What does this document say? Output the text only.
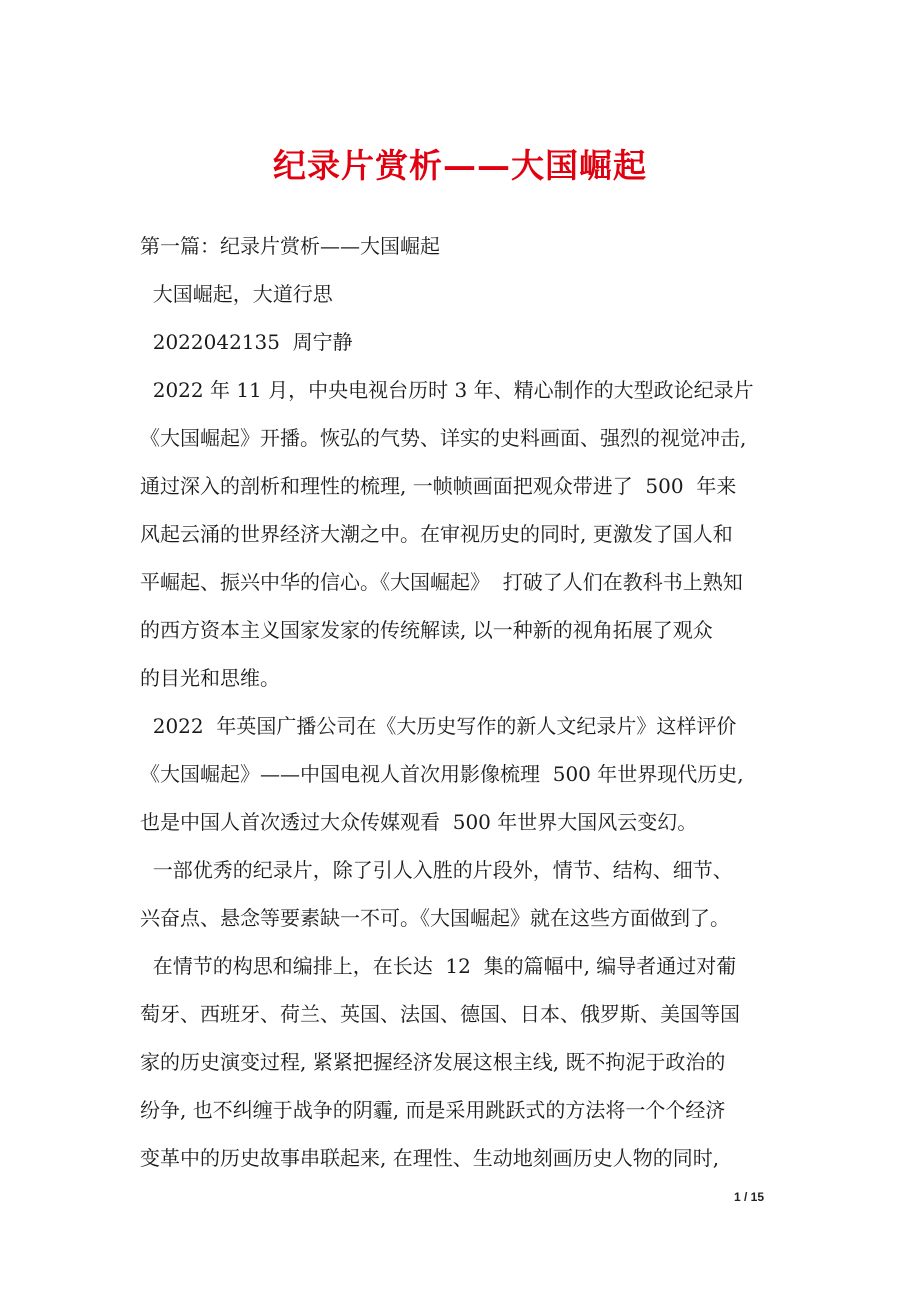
纪录片赏析——大国崛起
第一篇：纪录片赏析——大国崛起
大国崛起，大道行思
2022042135  周宁静
2022 年 11 月，中央电视台历时 3 年、精心制作的大型政论纪录片
《大国崛起》开播。恢弘的气势、详实的史料画面、强烈的视觉冲击,
通过深入的剖析和理性的梳理, 一帧帧画面把观众带进了  500  年来
风起云涌的世界经济大潮之中。在审视历史的同时, 更激发了国人和
平崛起、振兴中华的信心。《大国崛起》  打破了人们在教科书上熟知
的西方资本主义国家发家的传统解读, 以一种新的视角拓展了观众
的目光和思维。
2022  年英国广播公司在《大历史写作的新人文纪录片》这样评价
《大国崛起》——中国电视人首次用影像梳理  500 年世界现代历史,
也是中国人首次透过大众传媒观看  500 年世界大国风云变幻。
一部优秀的纪录片，除了引人入胜的片段外，情节、结构、细节、
兴奋点、悬念等要素缺一不可。《大国崛起》就在这些方面做到了。
在情节的构思和编排上，在长达  12  集的篇幅中, 编导者通过对葡
萄牙、西班牙、荷兰、英国、法国、德国、日本、俄罗斯、美国等国
家的历史演变过程, 紧紧把握经济发展这根主线, 既不拘泥于政治的
纷争, 也不纠缠于战争的阴霾, 而是采用跳跃式的方法将一个个经济
变革中的历史故事串联起来, 在理性、生动地刻画历史人物的同时,
1 / 15
